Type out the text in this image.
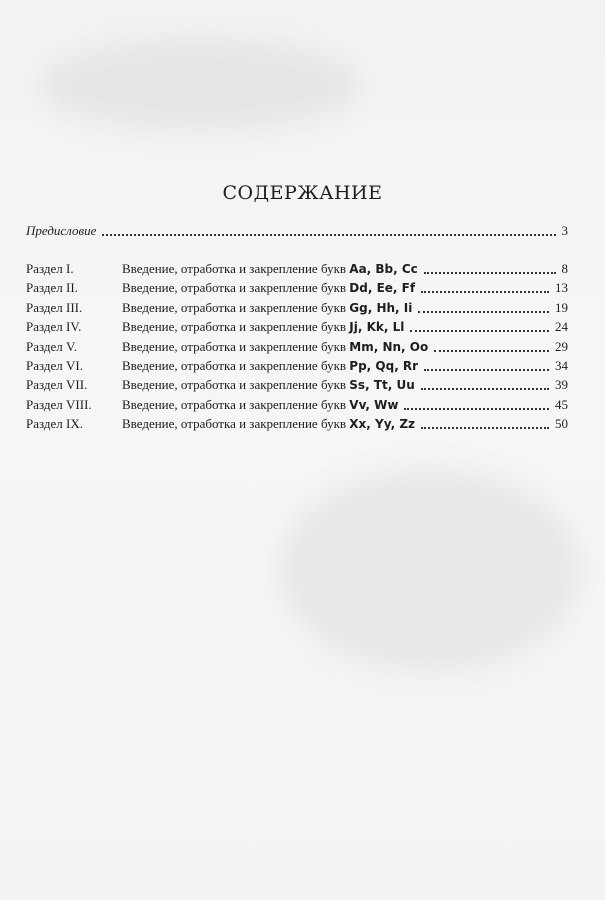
СОДЕРЖАНИЕ
Предисловие	3
Раздел I.	Введение, отработка и закрепление букв Aa, Bb, Cc	8
Раздел II.	Введение, отработка и закрепление букв Dd, Ee, Ff	13
Раздел III.	Введение, отработка и закрепление букв Gg, Hh, Ii	19
Раздел IV.	Введение, отработка и закрепление букв Jj, Kk, Ll	24
Раздел V.	Введение, отработка и закрепление букв Mm, Nn, Oo	29
Раздел VI.	Введение, отработка и закрепление букв Pp, Qq, Rr	34
Раздел VII.	Введение, отработка и закрепление букв Ss, Tt, Uu	39
Раздел VIII. Введение, отработка и закрепление букв Vv, Ww	45
Раздел IX.	Введение, отработка и закрепление букв Xx, Yy, Zz	50
